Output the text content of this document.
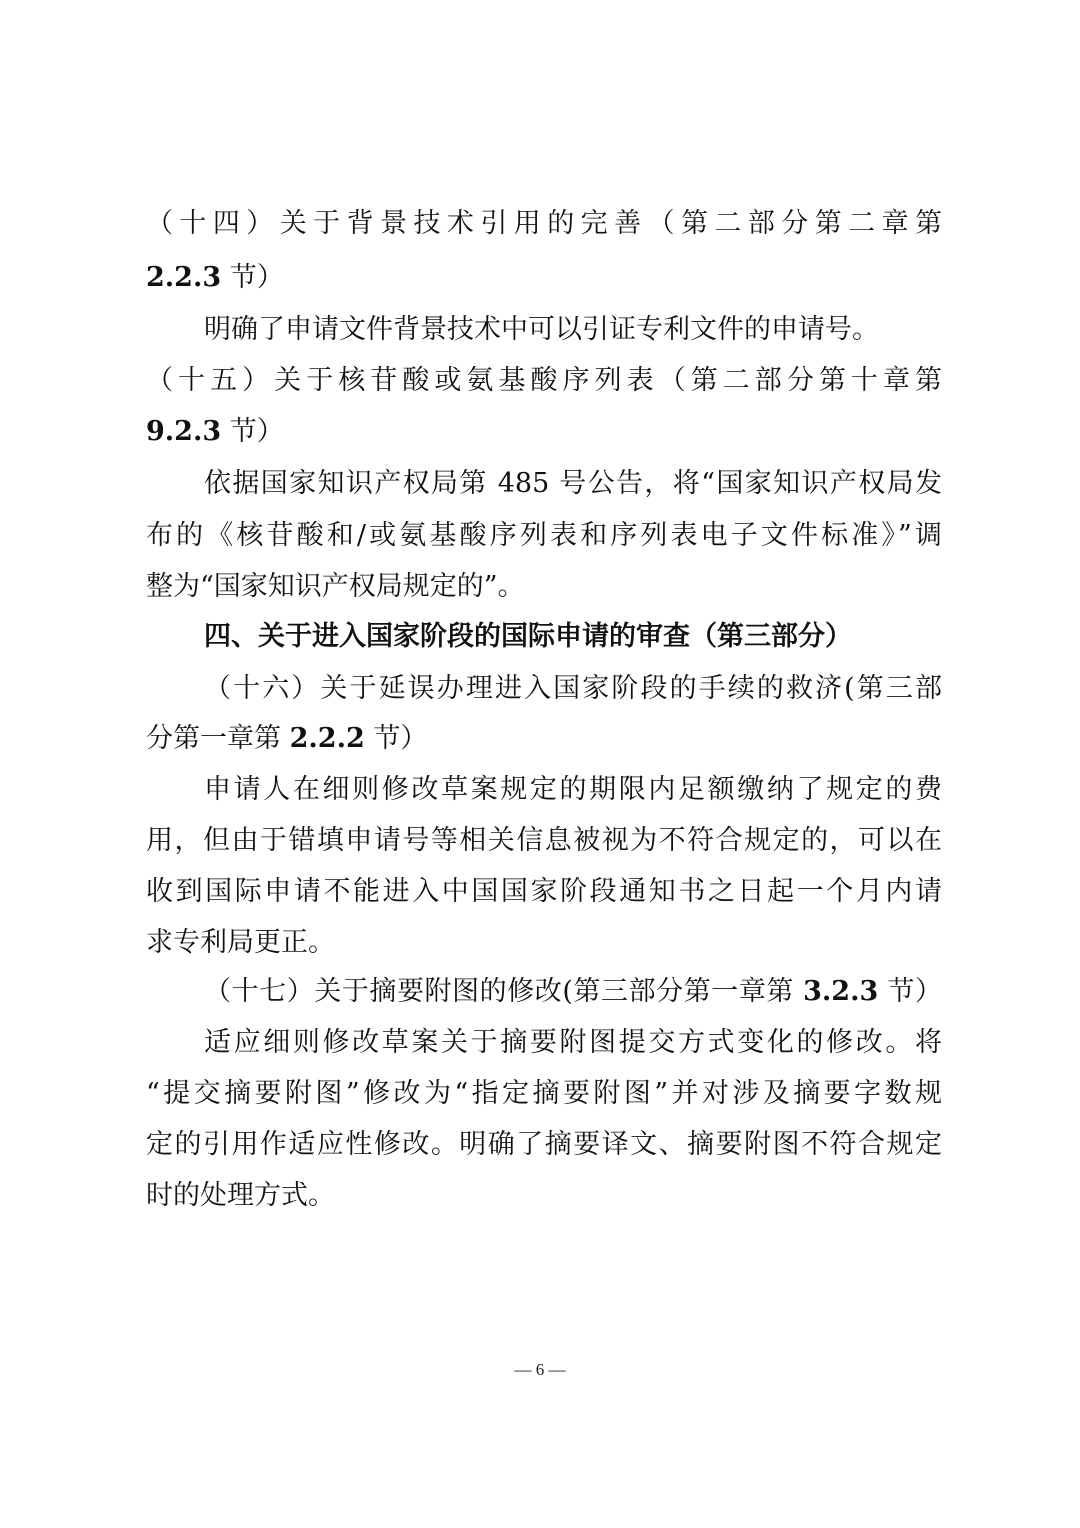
（十四）关于背景技术引用的完善（第二部分第二章第
2.2.3 节）
明确了申请文件背景技术中可以引证专利文件的申请号。
（十五）关于核苷酸或氨基酸序列表（第二部分第十章第
9.2.3 节）
依据国家知识产权局第 485 号公告，将“国家知识产权局发
布的《核苷酸和/或氨基酸序列表和序列表电子文件标准》”调
整为“国家知识产权局规定的”。
四、关于进入国家阶段的国际申请的审查（第三部分）
（十六）关于延误办理进入国家阶段的手续的救济(第三部
分第一章第 2.2.2 节）
申请人在细则修改草案规定的期限内足额缴纳了规定的费
用，但由于错填申请号等相关信息被视为不符合规定的，可以在
收到国际申请不能进入中国国家阶段通知书之日起一个月内请
求专利局更正。
（十七）关于摘要附图的修改(第三部分第一章第 3.2.3 节）
适应细则修改草案关于摘要附图提交方式变化的修改。将
“提交摘要附图”修改为“指定摘要附图”并对涉及摘要字数规
定的引用作适应性修改。明确了摘要译文、摘要附图不符合规定
时的处理方式。
— 6 —
